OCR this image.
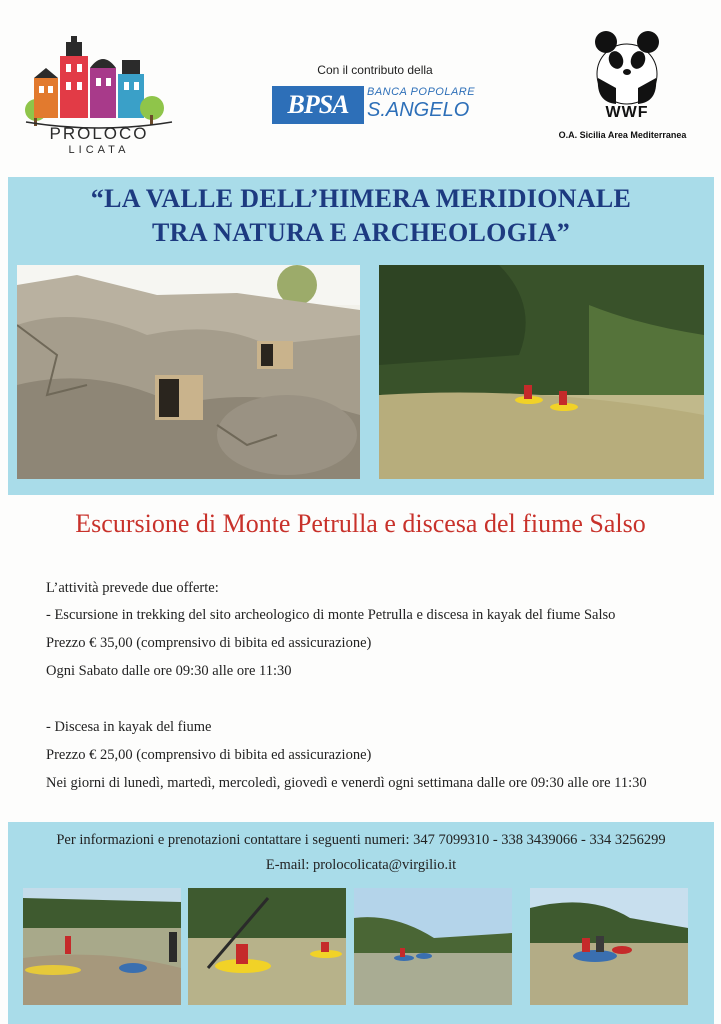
PROLOCO
LICATA
Con il contributo della
BPSA	BANCA POPOLARE
S.ANGELO	WWF
O.A. Sicilia Area Mediterranea
“LA VALLE DELL’HIMERA MERIDIONALE
TRA NATURA E ARCHEOLOGIA”
Escursione di Monte Petrulla e discesa del fiume Salso
L’attività prevede due offerte:
- Escursione in trekking del sito archeologico di monte Petrulla e discesa in kayak del fiume Salso
Prezzo € 35,00 (comprensivo di bibita ed assicurazione)
Ogni Sabato dalle ore 09:30 alle ore 11:30
- Discesa in kayak del fiume
Prezzo € 25,00 (comprensivo di bibita ed assicurazione)
Nei giorni di lunedì, martedì, mercoledì, giovedì e venerdì ogni settimana dalle ore 09:30 alle ore 11:30
Per informazioni e prenotazioni contattare i seguenti numeri: 347 7099310 - 338 3439066 - 334 3256299
E-mail: prolocolicata@virgilio.it
